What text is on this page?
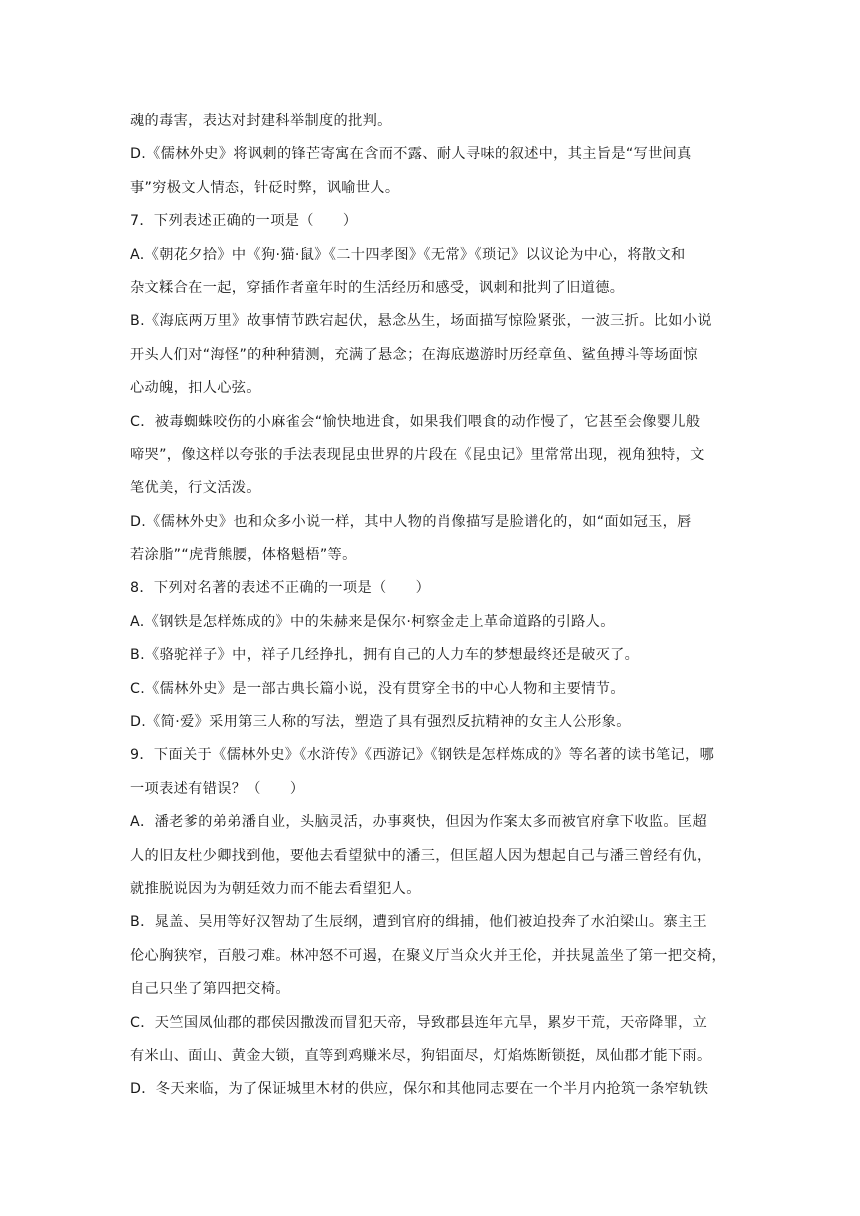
魂的毒害，表达对封建科举制度的批判。
D.《儒林外史》将讽刺的锋芒寄寓在含而不露、耐人寻味的叙述中，其主旨是“写世间真
事”穷极文人情态，针砭时弊，讽喻世人。
7．下列表述正确的一项是（　　）
A.《朝花夕拾》中《狗·猫·鼠》《二十四孝图》《无常》《琐记》以议论为中心，将散文和
杂文糅合在一起，穿插作者童年时的生活经历和感受，讽刺和批判了旧道德。
B.《海底两万里》故事情节跌宕起伏，悬念丛生，场面描写惊险紧张，一波三折。比如小说
开头人们对“海怪”的种种猜测，充满了悬念；在海底遨游时历经章鱼、鲨鱼搏斗等场面惊
心动魄，扣人心弦。
C．被毒蜘蛛咬伤的小麻雀会“愉快地进食，如果我们喂食的动作慢了，它甚至会像婴儿般
啼哭”，像这样以夸张的手法表现昆虫世界的片段在《昆虫记》里常常出现，视角独特，文
笔优美，行文活泼。
D.《儒林外史》也和众多小说一样，其中人物的肖像描写是脸谱化的，如“面如冠玉，唇
若涂脂”“虎背熊腰，体格魁梧”等。
8．下列对名著的表述不正确的一项是（　　）
A.《钢铁是怎样炼成的》中的朱赫来是保尔·柯察金走上革命道路的引路人。
B.《骆驼祥子》中，祥子几经挣扎，拥有自己的人力车的梦想最终还是破灭了。
C.《儒林外史》是一部古典长篇小说，没有贯穿全书的中心人物和主要情节。
D.《简·爱》采用第三人称的写法，塑造了具有强烈反抗精神的女主人公形象。
9．下面关于《儒林外史》《水浒传》《西游记》《钢铁是怎样炼成的》等名著的读书笔记，哪
一项表述有错误？（　　）
A．潘老爹的弟弟潘自业，头脑灵活，办事爽快，但因为作案太多而被官府拿下收监。匡超
人的旧友杜少卿找到他，要他去看望狱中的潘三，但匡超人因为想起自己与潘三曾经有仇，
就推脱说因为为朝廷效力而不能去看望犯人。
B．晁盖、吴用等好汉智劫了生辰纲，遭到官府的缉捕，他们被迫投奔了水泊梁山。寨主王
伦心胸狭窄，百般刁难。林冲怒不可遏，在聚义厅当众火并王伦，并扶晁盖坐了第一把交椅，
自己只坐了第四把交椅。
C．天竺国凤仙郡的郡侯因撒泼而冒犯天帝，导致郡县连年亢旱，累岁干荒，天帝降罪，立
有米山、面山、黄金大锁，直等到鸡赚米尽，狗铝面尽，灯焰炼断锁挺，凤仙郡才能下雨。
D．冬天来临，为了保证城里木材的供应，保尔和其他同志要在一个半月内抢筑一条窄轨铁
